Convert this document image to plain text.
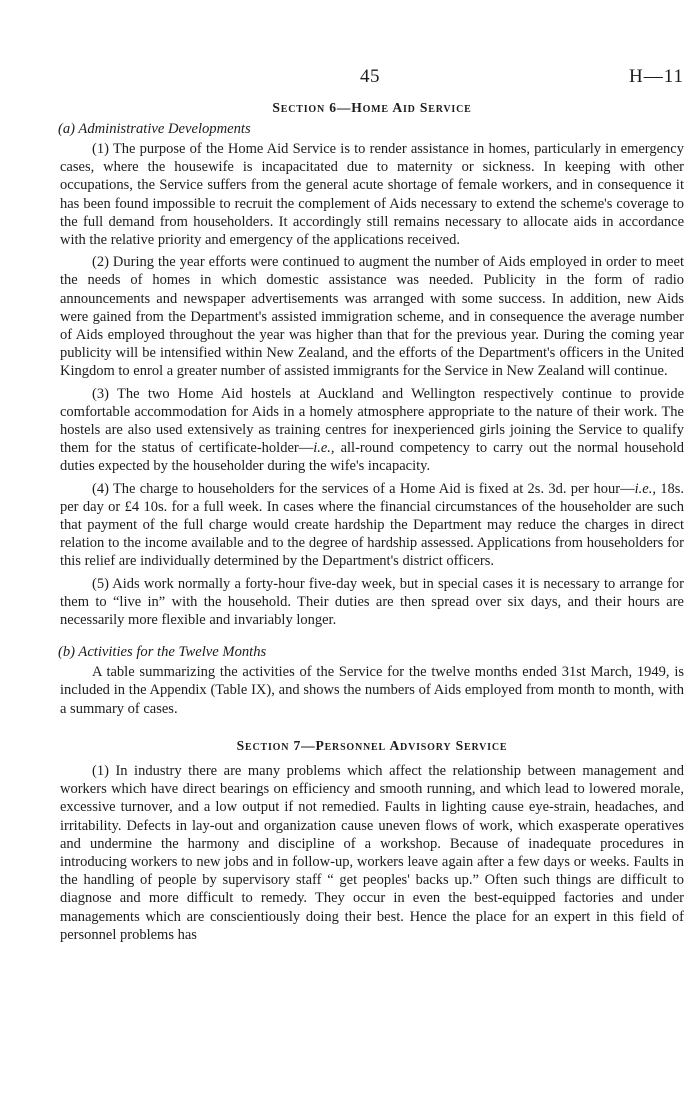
45	H—11
Section 6—Home Aid Service
(a) Administrative Developments

(1) The purpose of the Home Aid Service is to render assistance in homes, particularly in emergency cases, where the housewife is incapacitated due to maternity or sickness. In keeping with other occupations, the Service suffers from the general acute shortage of female workers, and in consequence it has been found impossible to recruit the complement of Aids necessary to extend the scheme's coverage to the full demand from householders. It accordingly still remains necessary to allocate aids in accordance with the relative priority and emergency of the applications received.

(2) During the year efforts were continued to augment the number of Aids employed in order to meet the needs of homes in which domestic assistance was needed. Publicity in the form of radio announcements and newspaper advertisements was arranged with some success. In addition, new Aids were gained from the Department's assisted immigration scheme, and in consequence the average number of Aids employed throughout the year was higher than that for the previous year. During the coming year publicity will be intensified within New Zealand, and the efforts of the Department's officers in the United Kingdom to enrol a greater number of assisted immigrants for the Service in New Zealand will continue.

(3) The two Home Aid hostels at Auckland and Wellington respectively continue to provide comfortable accommodation for Aids in a homely atmosphere appropriate to the nature of their work. The hostels are also used extensively as training centres for inexperienced girls joining the Service to qualify them for the status of certificate-holder—i.e., all-round competency to carry out the normal household duties expected by the householder during the wife's incapacity.

(4) The charge to householders for the services of a Home Aid is fixed at 2s. 3d. per hour—i.e., 18s. per day or £4 10s. for a full week. In cases where the financial circumstances of the householder are such that payment of the full charge would create hardship the Department may reduce the charges in direct relation to the income available and to the degree of hardship assessed. Applications from householders for this relief are individually determined by the Department's district officers.

(5) Aids work normally a forty-hour five-day week, but in special cases it is necessary to arrange for them to “live in” with the household. Their duties are then spread over six days, and their hours are necessarily more flexible and invariably longer.

(b) Activities for the Twelve Months

A table summarizing the activities of the Service for the twelve months ended 31st March, 1949, is included in the Appendix (Table IX), and shows the numbers of Aids employed from month to month, with a summary of cases.

Section 7—Personnel Advisory Service

(1) In industry there are many problems which affect the relationship between management and workers which have direct bearings on efficiency and smooth running, and which lead to lowered morale, excessive turnover, and a low output if not remedied. Faults in lighting cause eye-strain, headaches, and irritability. Defects in lay-out and organization cause uneven flows of work, which exasperate operatives and undermine the harmony and discipline of a workshop. Because of inadequate procedures in introducing workers to new jobs and in follow-up, workers leave again after a few days or weeks. Faults in the handling of people by supervisory staff “ get peoples' backs up.” Often such things are difficult to diagnose and more difficult to remedy. They occur in even the best-equipped factories and under managements which are conscientiously doing their best. Hence the place for an expert in this field of personnel problems has
